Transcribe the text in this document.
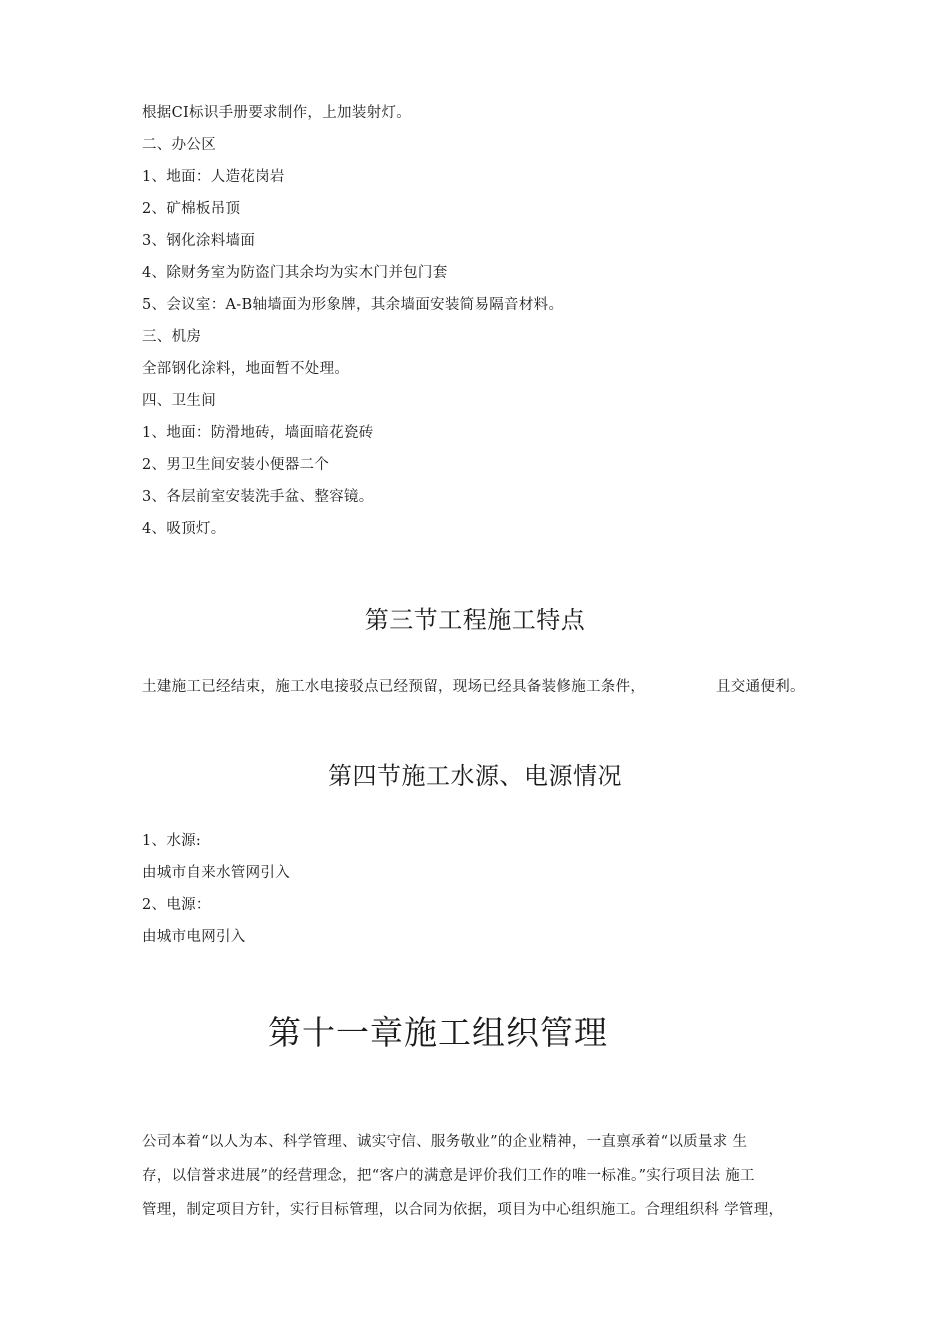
根据CI标识手册要求制作，上加装射灯。
二、办公区
1、地面：人造花岗岩
2、矿棉板吊顶
3、钢化涂料墙面
4、除财务室为防盗门其余均为实木门并包门套
5、会议室：A-B轴墙面为形象牌，其余墙面安装简易隔音材料。
三、机房
全部钢化涂料，地面暂不处理。
四、卫生间
1、地面：防滑地砖，墙面暗花瓷砖
2、男卫生间安装小便器二个
3、各层前室安装洗手盆、整容镜。
4、吸顶灯。
第三节工程施工特点
土建施工已经结束，施工水电接驳点已经预留，现场已经具备装修施工条件，	且交通便利。
第四节施工水源、电源情况
1、水源:
由城市自来水管网引入
2、电源：
由城市电网引入
第十一章施工组织管理
公司本着“以人为本、科学管理、诚实守信、服务敬业”的企业精神，一直禀承着“以质量求 生
存，以信誉求进展”的经营理念，把“客户的满意是评价我们工作的唯一标准。”实行项目法 施工
管理，制定项目方针，实行目标管理，以合同为依据，项目为中心组织施工。合理组织科 学管理，
